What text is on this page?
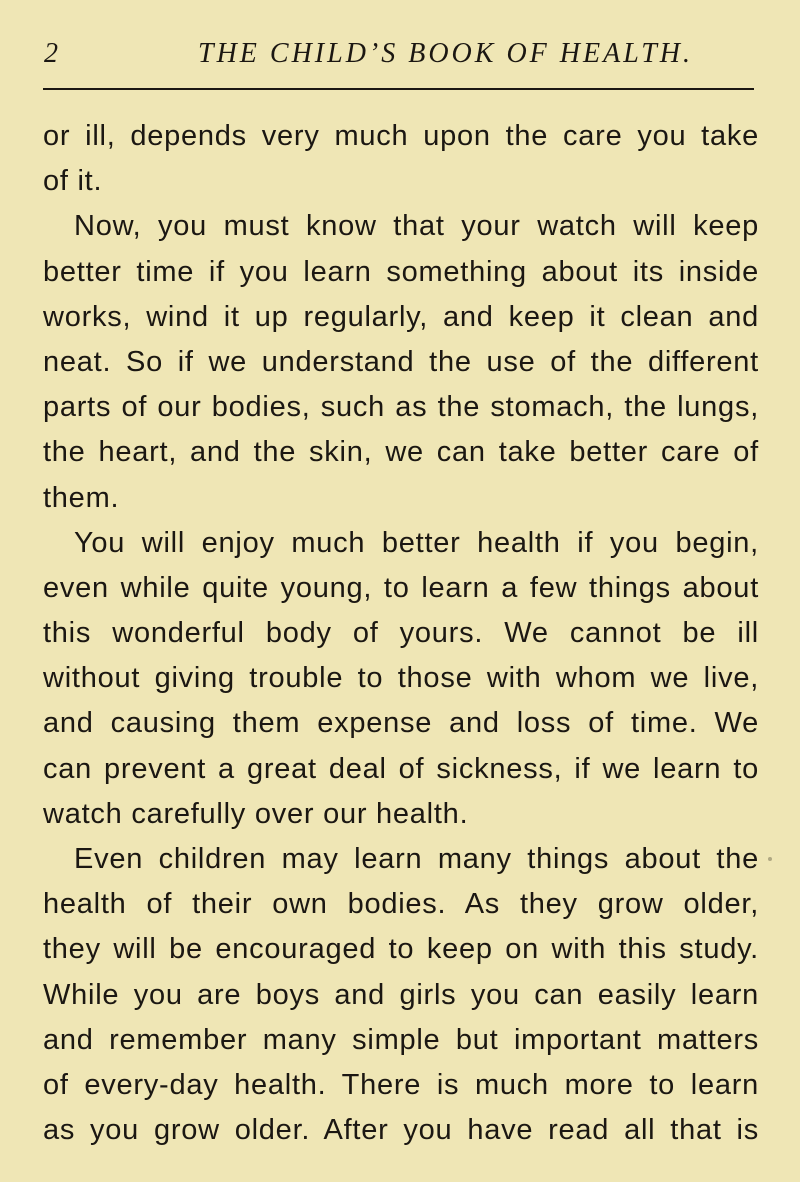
2	THE CHILD’S BOOK OF HEALTH.
or ill, depends very much upon the care you take
of it.
Now, you must know that your watch will keep
better time if you learn something about its inside
works, wind it up regularly, and keep it clean and
neat. So if we understand the use of the different
parts of our bodies, such as the stomach, the lungs,
the heart, and the skin, we can take better care of
them.
You will enjoy much better health if you begin,
even while quite young, to learn a few things about
this wonderful body of yours. We cannot be ill
without giving trouble to those with whom we live,
and causing them expense and loss of time. We
can prevent a great deal of sickness, if we learn to
watch carefully over our health.
Even children may learn many things about the
health of their own bodies. As they grow older,
they will be encouraged to keep on with this study.
While you are boys and girls you can easily learn
and remember many simple but important matters
of every-day health. There is much more to learn
as you grow older. After you have read all that is
